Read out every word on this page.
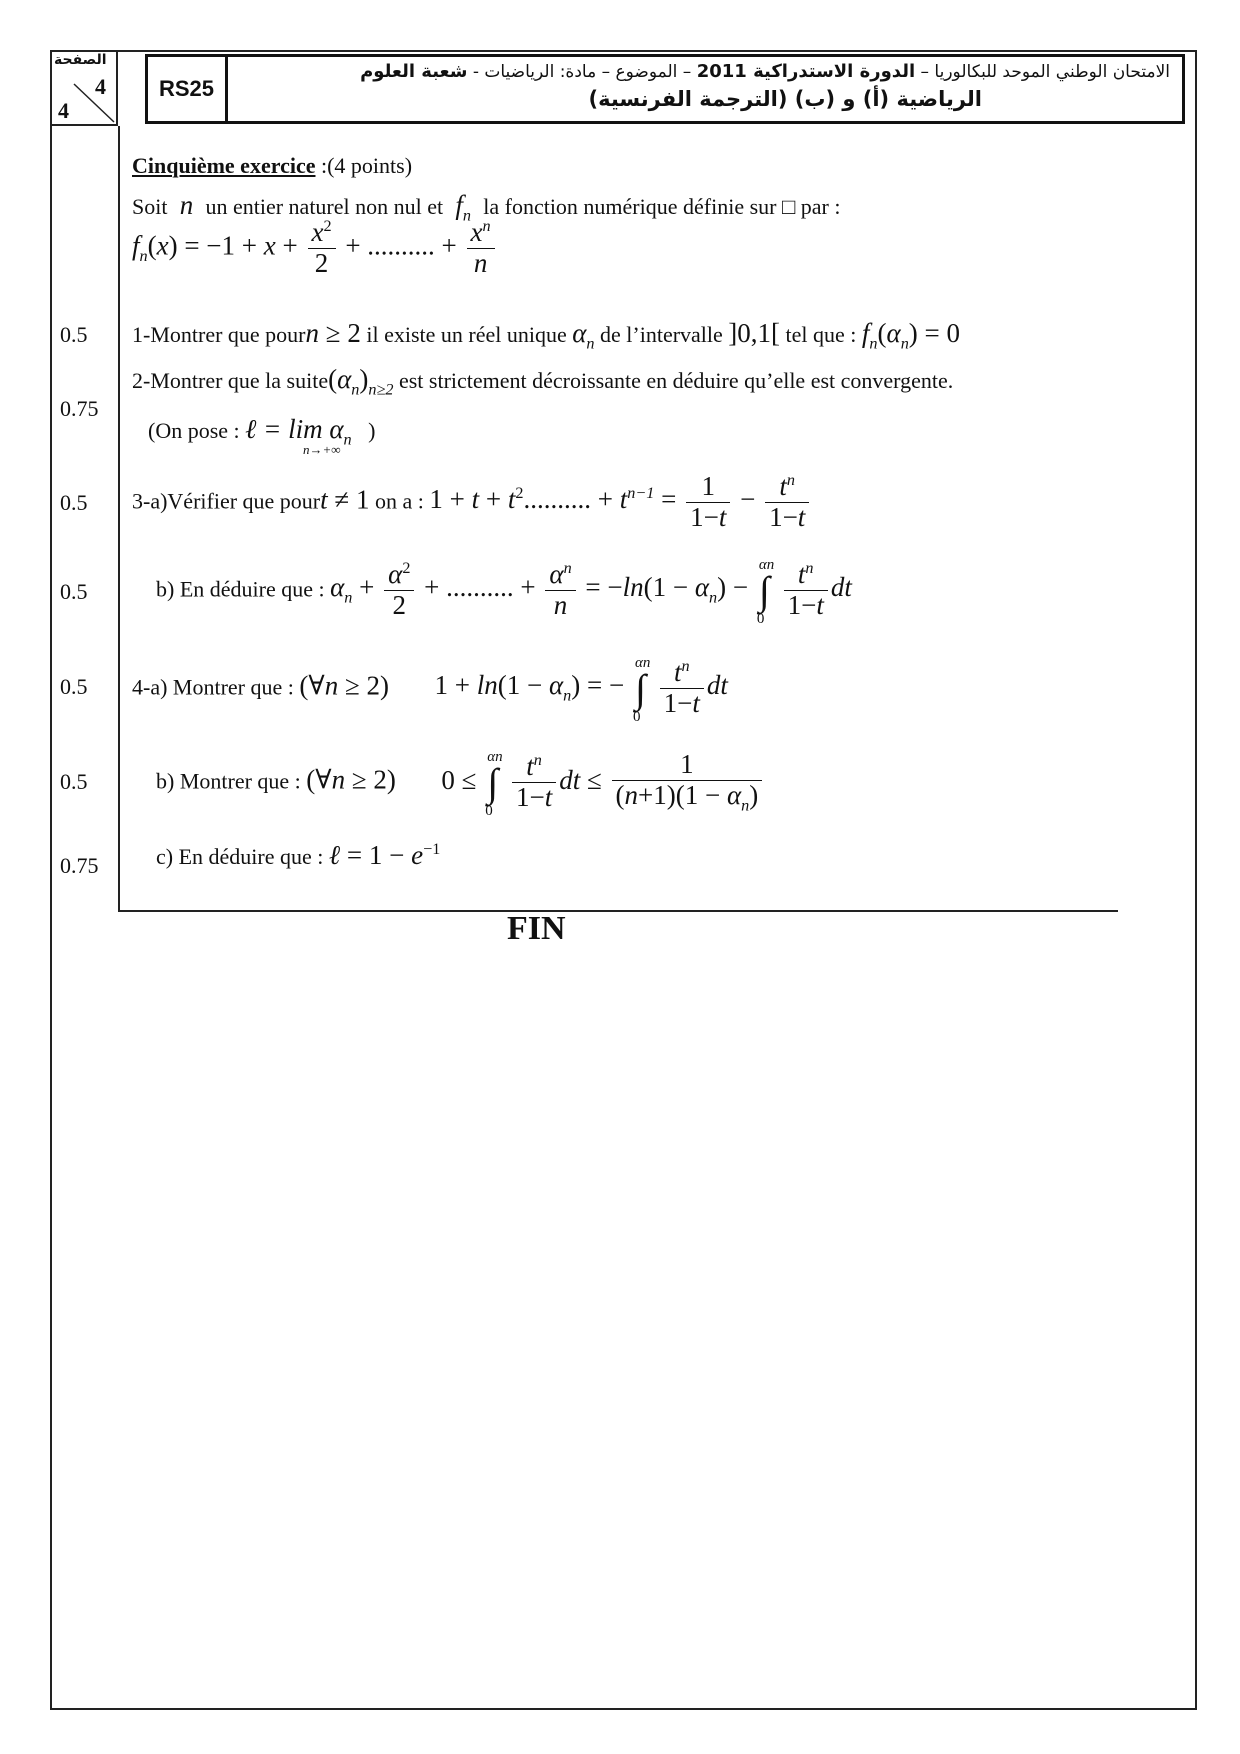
الصفحة
4
4
RS25
الامتحان الوطني الموحد للبكالوريا – الدورة الاستدراكية 2011 – الموضوع – مادة: الرياضيات - شعبة العلوم
الرياضية (أ) و (ب) (الترجمة الفرنسية)
0.5
0.75
0.5
0.5
0.5
0.5
0.75
Cinquième exercice :(4 points)
Soit  n  un entier naturel non nul et  $f_n$ la fonction numérique définie sur □ par :
$f_n(x) = -1 + x + \frac{x^2}{2}$ + .......... + $\frac{x^n}{n}$
1-Montrer que pourn ≥ 2 il existe un réel unique $\alpha_n$ de l’intervalle ]0,1[ tel que : $f_n(\alpha_n) = 0$
2-Montrer que la $suite(\alpha_n)_{n\ge 2}$ est strictement décroissante en déduire qu’elle est convergente.
(On pose : ℓ = $\lim \alpha_n$
n→+∞
)
3-a)Vérifier que pourt ≠ 1 on a : $1 + t + t^2$.......... + $t^{n-1} = \frac{1}{1-t} - \frac{t^n}{1-t}$
b) En déduire que : $\alpha_n + \frac{\alpha^2}{2}$ + .......... + $\frac{\alpha^n}{n} = -\ln(1 - \alpha_n)$ − ∫
αn
0
$\frac{t^n}{1-t}$ dt
4-a) Montrer que : (∀n ≥ 2) $1 + \ln(1 - \alpha_n)$ = − ∫
αn
0
$\frac{t^n}{1-t}$ dt
b) Montrer que : (∀n ≥ 2) 0 ≤ ∫
αn
0
$\frac{t^n}{1-t}$ dt ≤ $\frac{1}{(n+1)(1 - \alpha_n)}$
c) En déduire que : ℓ = $1 - e^{-1}$
FIN
